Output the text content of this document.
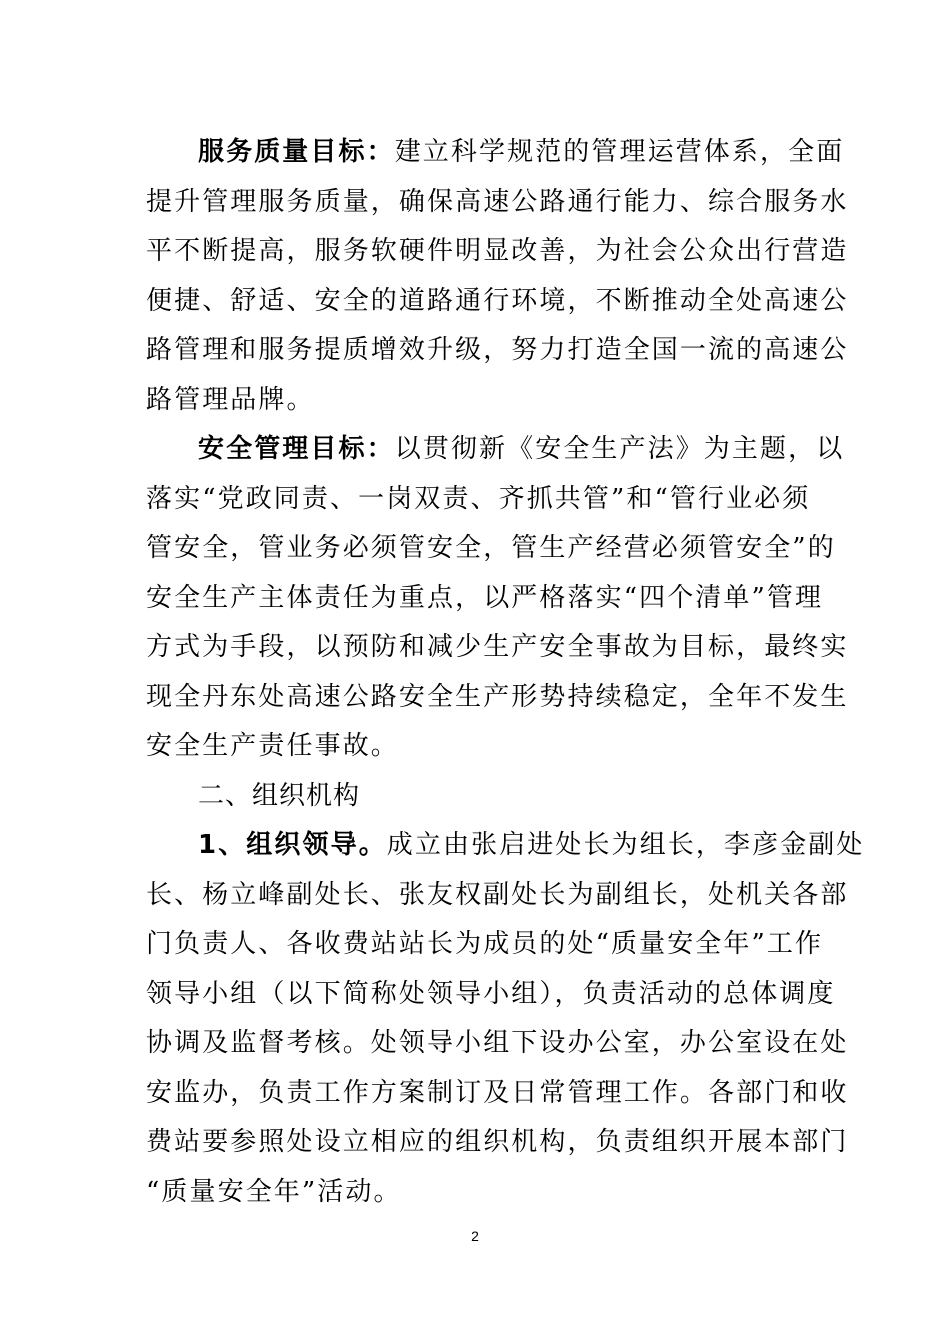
服务质量目标：建立科学规范的管理运营体系，全面
提升管理服务质量，确保高速公路通行能力、综合服务水
平不断提高，服务软硬件明显改善，为社会公众出行营造
便捷、舒适、安全的道路通行环境，不断推动全处高速公
路管理和服务提质增效升级，努力打造全国一流的高速公
路管理品牌。
安全管理目标：以贯彻新《安全生产法》为主题，以
落实“党政同责、一岗双责、齐抓共管”和“管行业必须
管安全，管业务必须管安全，管生产经营必须管安全”的
安全生产主体责任为重点，以严格落实“四个清单”管理
方式为手段，以预防和减少生产安全事故为目标，最终实
现全丹东处高速公路安全生产形势持续稳定，全年不发生
安全生产责任事故。
二、组织机构
1、组织领导。成立由张启进处长为组长，李彦金副处
长、杨立峰副处长、张友权副处长为副组长，处机关各部
门负责人、各收费站站长为成员的处“质量安全年”工作
领导小组（以下简称处领导小组），负责活动的总体调度
协调及监督考核。处领导小组下设办公室，办公室设在处
安监办，负责工作方案制订及日常管理工作。各部门和收
费站要参照处设立相应的组织机构，负责组织开展本部门
“质量安全年”活动。
2
